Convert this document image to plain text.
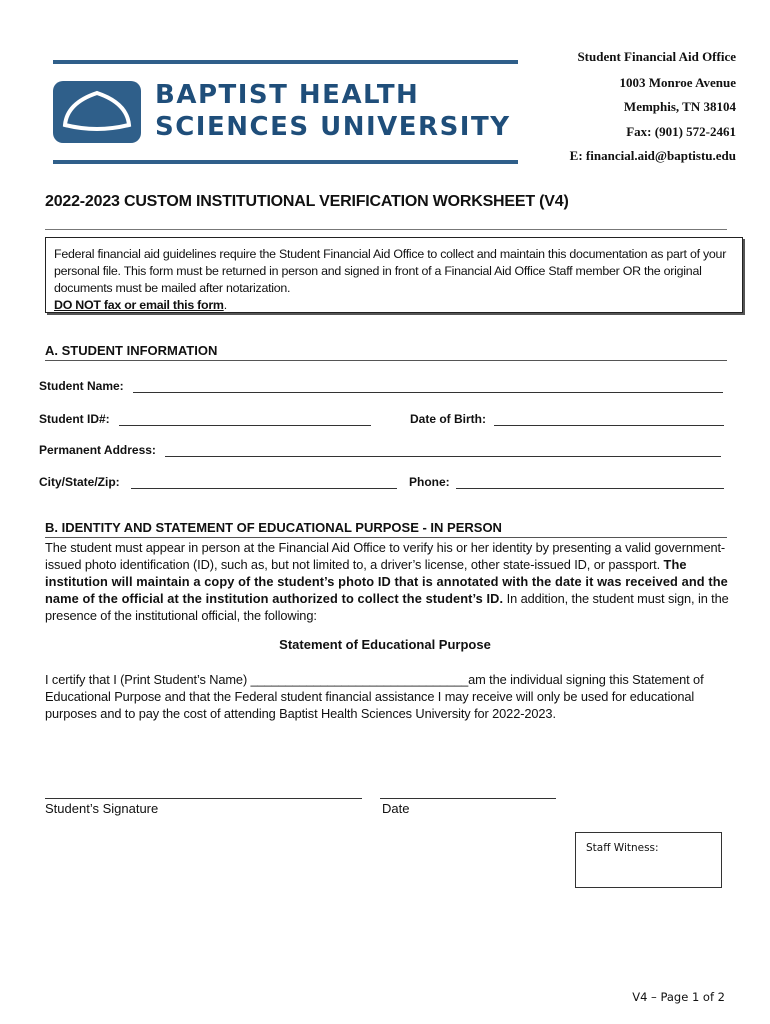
BAPTIST HEALTH
SCIENCES UNIVERSITY
Student Financial Aid Office
1003 Monroe Avenue
Memphis, TN 38104
Fax: (901) 572-2461
E: financial.aid@baptistu.edu
2022-2023 CUSTOM INSTITUTIONAL VERIFICATION WORKSHEET (V4)
Federal financial aid guidelines require the Student Financial Aid Office to collect and maintain this documentation as part of your personal file. This form must be returned in person and signed in front of a Financial Aid Office Staff member OR the original documents must be mailed after notarization.
DO NOT fax or email this form.
A. STUDENT INFORMATION
Student Name:
Student ID#:	Date of Birth:
Permanent Address:
City/State/Zip:	Phone:
B. IDENTITY AND STATEMENT OF EDUCATIONAL PURPOSE - IN PERSON
The student must appear in person at the Financial Aid Office to verify his or her identity by presenting a valid government-issued photo identification (ID), such as, but not limited to, a driver’s license, other state-issued ID, or passport. The institution will maintain a copy of the student’s photo ID that is annotated with the date it was received and the name of the official at the institution authorized to collect the student’s ID. In addition, the student must sign, in the presence of the institutional official, the following:
Statement of Educational Purpose
I certify that I (Print Student’s Name) _______________________________am the individual signing this Statement of Educational Purpose and that the Federal student financial assistance I may receive will only be used for educational purposes and to pay the cost of attending Baptist Health Sciences University for 2022-2023.
Student’s Signature	Date
Staff Witness:
V4 – Page 1 of 2
